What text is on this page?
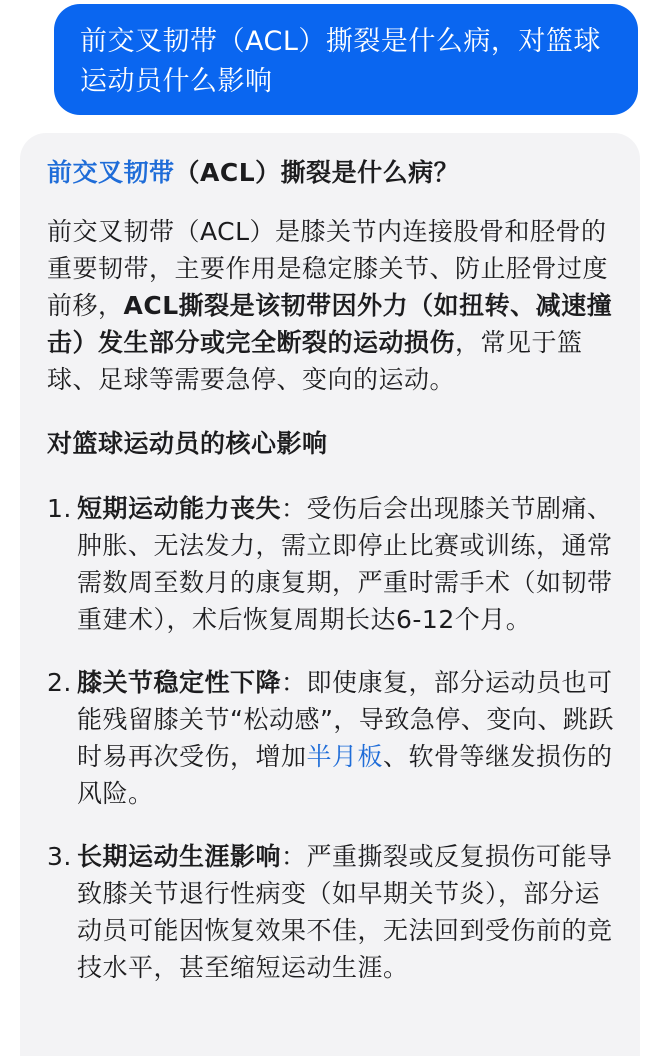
前交叉韧带（ACL）撕裂是什么病，对篮球运动员什么影响
前交叉韧带（ACL）撕裂是什么病？
前交叉韧带（ACL）是膝关节内连接股骨和胫骨的重要韧带，主要作用是稳定膝关节、防止胫骨过度前移，ACL撕裂是该韧带因外力（如扭转、减速撞击）发生部分或完全断裂的运动损伤，常见于篮球、足球等需要急停、变向的运动。
对篮球运动员的核心影响
1. 短期运动能力丧失：受伤后会出现膝关节剧痛、肿胀、无法发力，需立即停止比赛或训练，通常需数周至数月的康复期，严重时需手术（如韧带重建术），术后恢复周期长达6-12个月。
2. 膝关节稳定性下降：即使康复，部分运动员也可能残留膝关节“松动感”，导致急停、变向、跳跃时易再次受伤，增加半月板、软骨等继发损伤的风险。
3. 长期运动生涯影响：严重撕裂或反复损伤可能导致膝关节退行性病变（如早期关节炎），部分运动员可能因恢复效果不佳，无法回到受伤前的竞技水平，甚至缩短运动生涯。
